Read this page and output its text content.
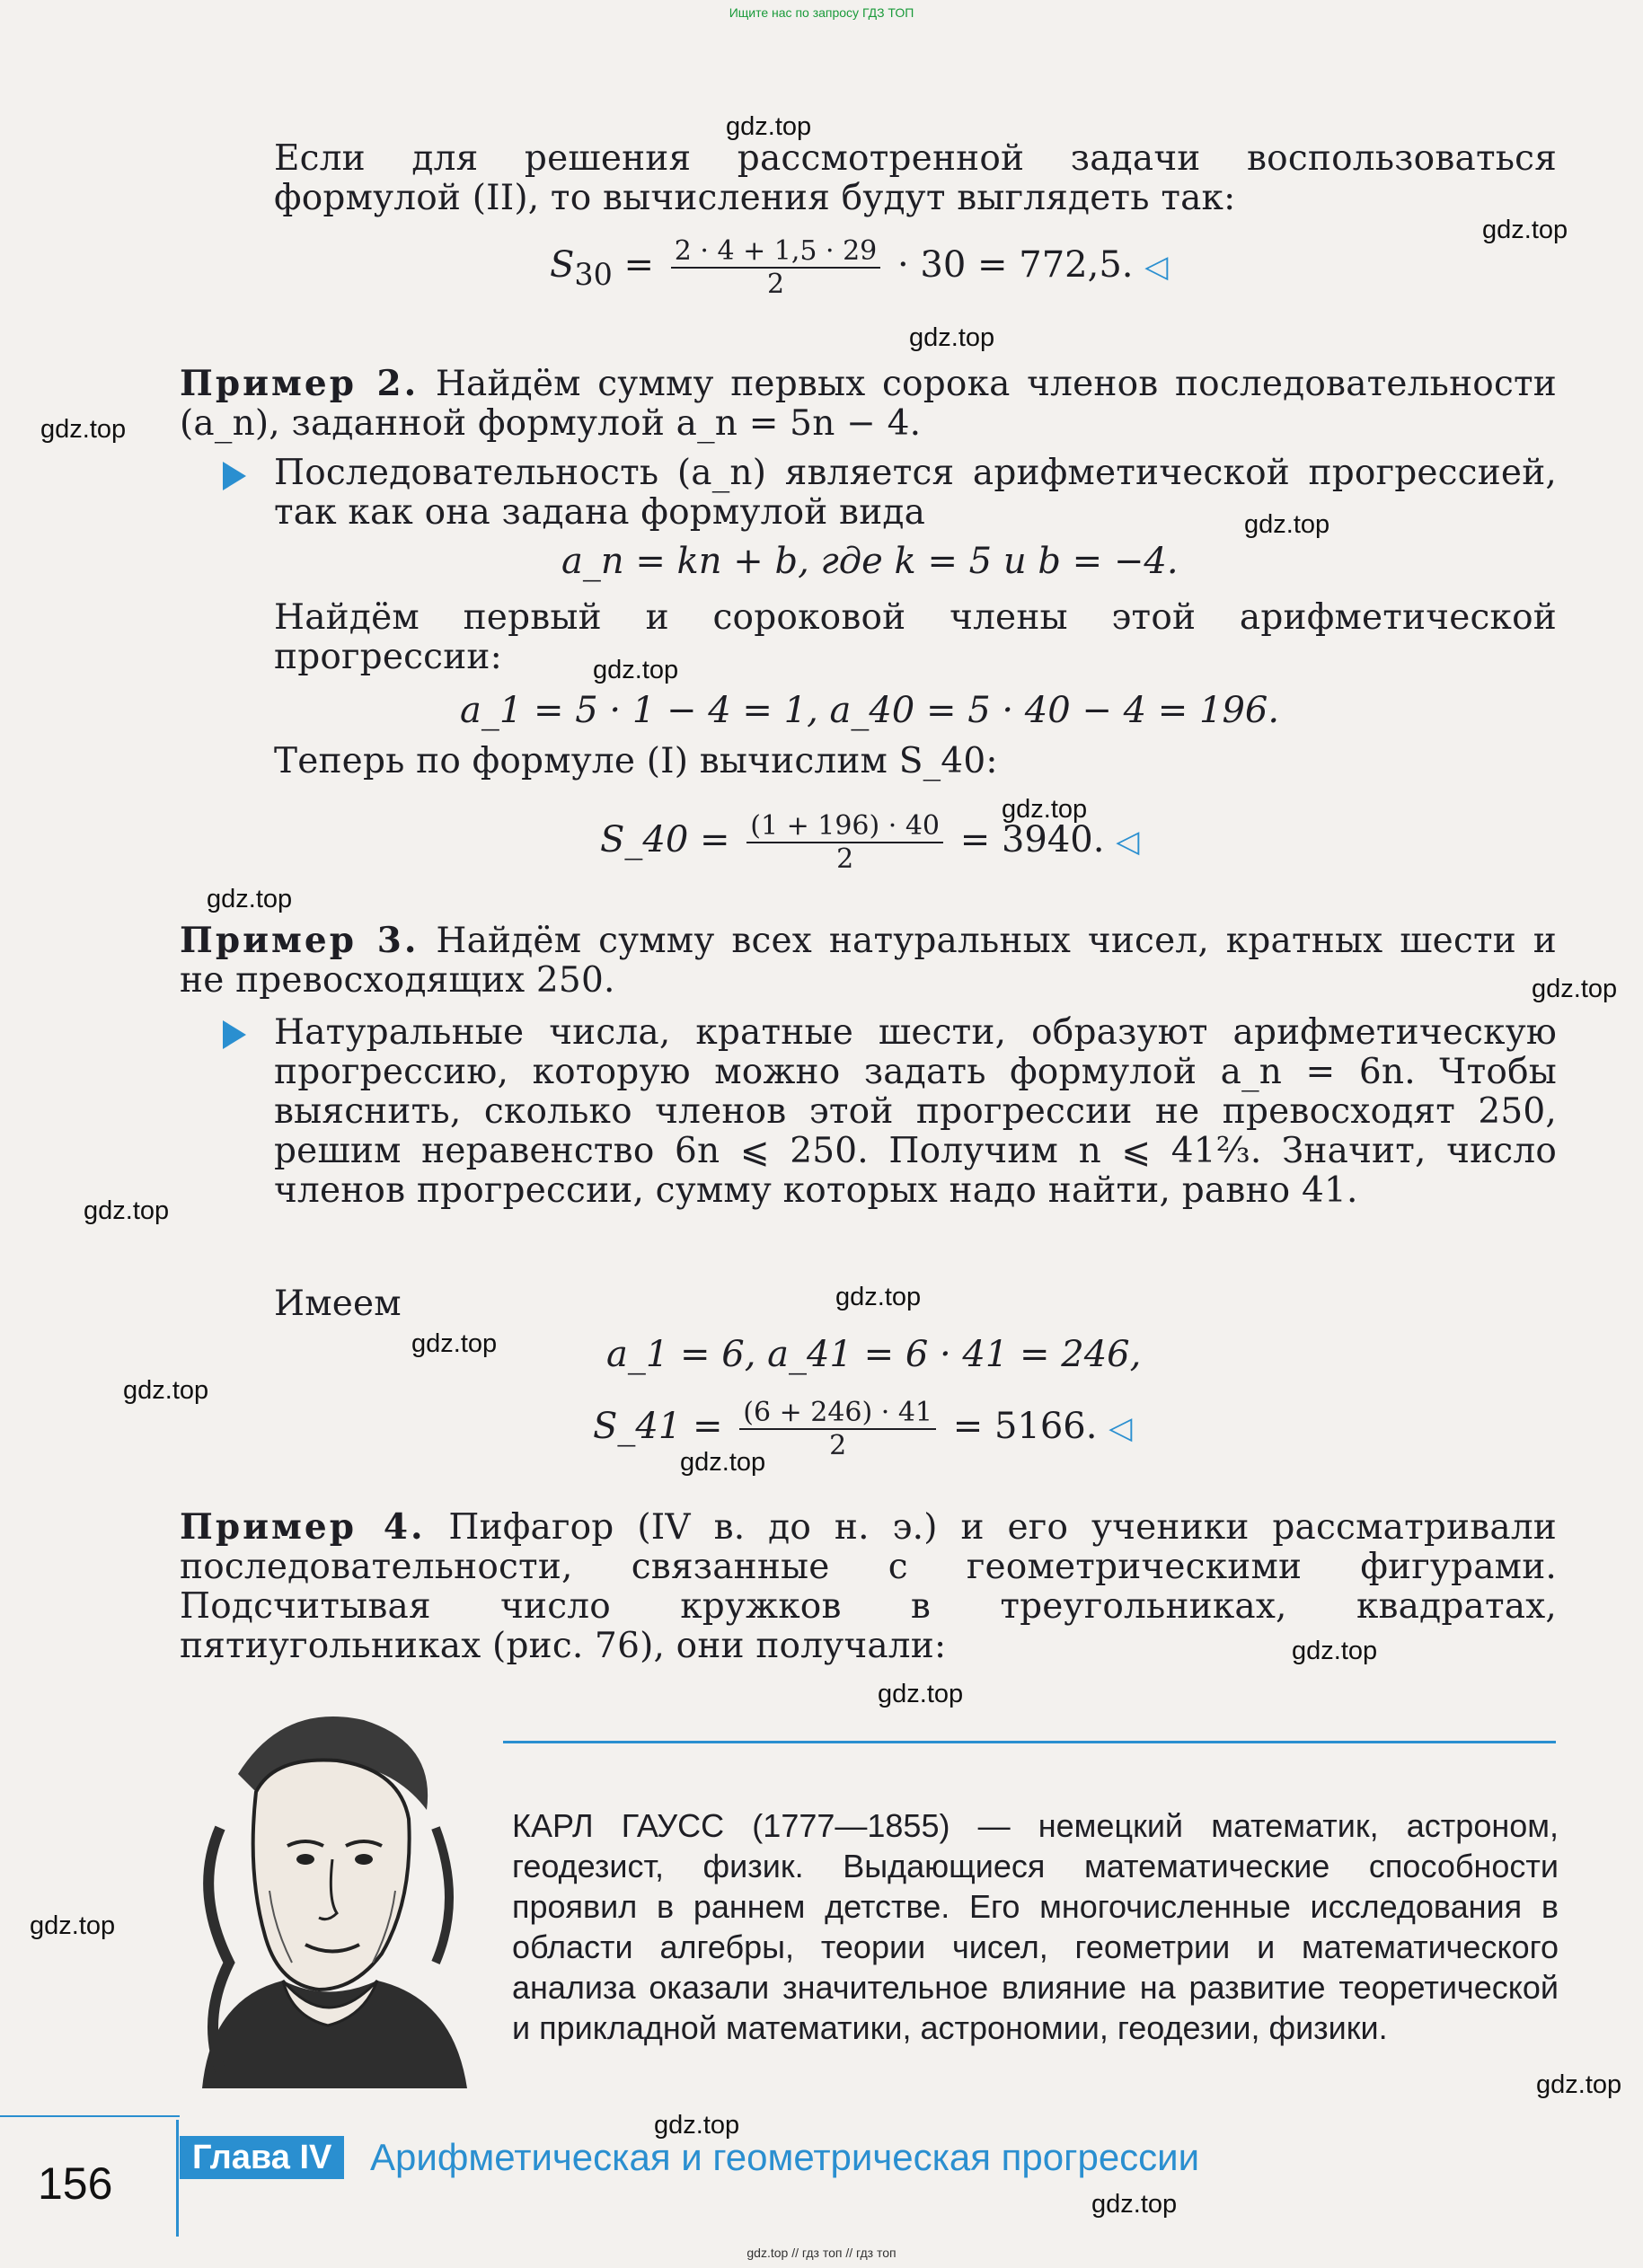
Ищите нас по запросу ГДЗ ТОП
gdz.top
gdz.top
gdz.top
gdz.top
gdz.top
gdz.top
gdz.top
gdz.top
gdz.top
gdz.top
gdz.top
gdz.top
gdz.top
gdz.top
gdz.top
gdz.top
gdz.top
gdz.top
gdz.top
gdz.top
Если для решения рассмотренной задачи воспользоваться формулой (II), то вычисления будут выглядеть так:
$S_{30} = \frac{2 \cdot 4 + 1,5 \cdot 29}{2} \cdot 30 = 772,5$. ◁
Пример 2. Найдём сумму первых сорока членов последовательности (a_n), заданной формулой a_n = 5n − 4.
Последовательность (a_n) является арифметической прогрессией, так как она задана формулой вида
a_n = kn + b, где k = 5 и b = −4.
Найдём первый и сороковой члены этой арифметической прогрессии:
a_1 = 5 · 1 − 4 = 1, a_40 = 5 · 40 − 4 = 196.
Теперь по формуле (I) вычислим S_40:
S_40 = $\frac{(1 + 196) \cdot 40}{2} = 3940$. ◁
Пример 3. Найдём сумму всех натуральных чисел, кратных шести и не превосходящих 250.
Натуральные числа, кратные шести, образуют арифметическую прогрессию, которую можно задать формулой a_n = 6n. Чтобы выяснить, сколько членов этой прогрессии не превосходят 250, решим неравенство 6n ⩽ 250. Получим n ⩽ 41⅔. Значит, число членов прогрессии, сумму которых надо найти, равно 41.
Имеем
a_1 = 6, a_41 = 6 · 41 = 246,
S_41 = $\frac{(6 + 246) \cdot 41}{2} = 5166$. ◁
Пример 4. Пифагор (IV в. до н. э.) и его ученики рассматривали последовательности, связанные с геометрическими фигурами. Подсчитывая число кружков в треугольниках, квадратах, пятиугольниках (рис. 76), они получали:
КАРЛ ГАУСС (1777—1855) — немецкий математик, астроном, геодезист, физик. Выдающиеся математические способности проявил в раннем детстве. Его многочисленные исследования в области алгебры, теории чисел, геометрии и математического анализа оказали значительное влияние на развитие теоретической и прикладной математики, астрономии, геодезии, физики.
156
Глава IV	Арифметическая и геометрическая прогрессии
gdz.top // гдз топ // гдз топ
